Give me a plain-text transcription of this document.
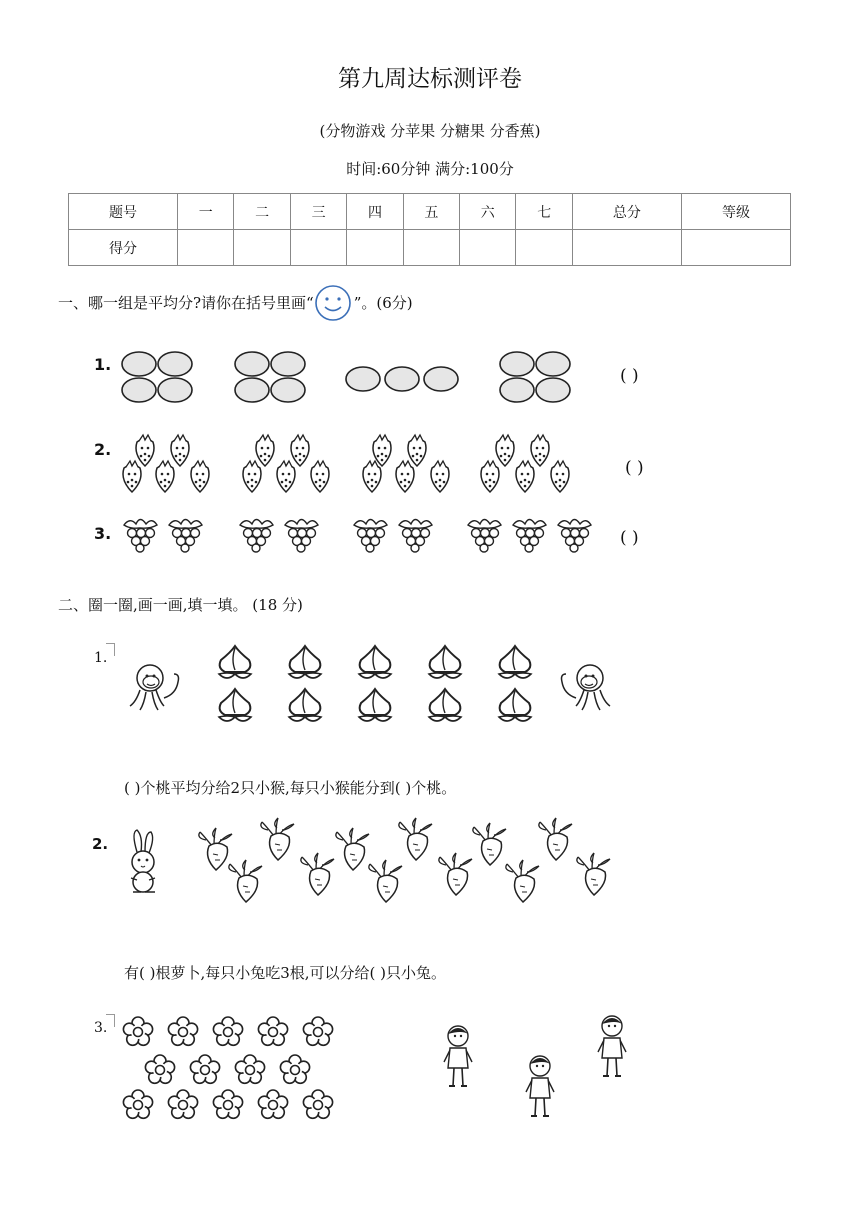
第九周达标测评卷
(分物游戏 分苹果 分糖果 分香蕉)
时间:60分钟 满分:100分
题号	一	二	三	四	五	六	七	总分	等级
得分									
一、哪一组是平均分?请你在括号里画“	”。(6分)
1.
( )
2.
( )
3.	( )
二、圈一圈,画一画,填一填。 (18 分)
1.
( )个桃平均分给2只小猴,每只小猴能分到( )个桃。
2.
有( )根萝卜,每只小兔吃3根,可以分给( )只小兔。
3.
